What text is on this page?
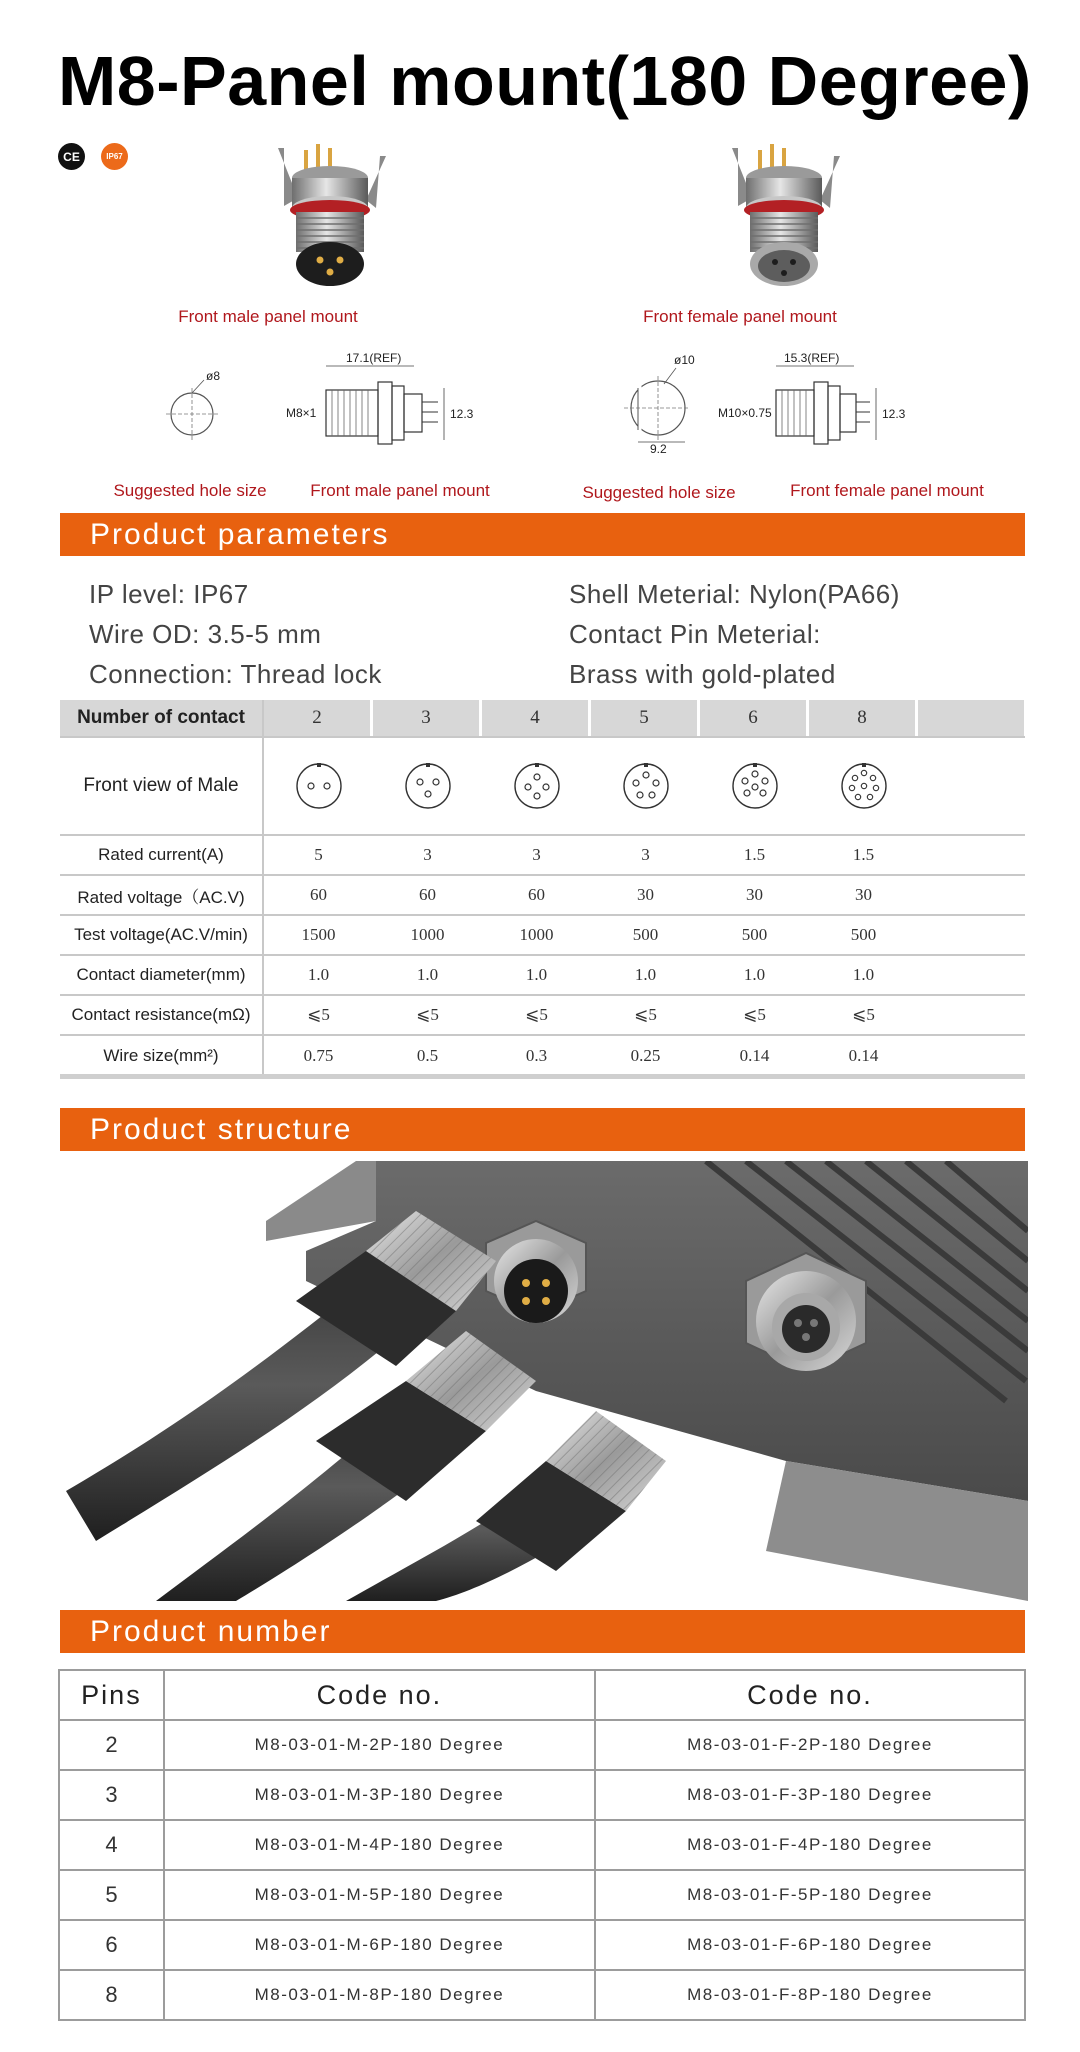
M8-Panel mount(180 Degree)
CE	IP67
Front male panel mount	Front female panel mount
ø8
17.1(REF)
M8×1	12.3
ø10
9.2
15.3(REF)
M10×0.75	12.3
Suggested hole size	Front male panel mount	Suggested hole size	Front female panel mount
Product parameters
IP level: IP67
Wire OD: 3.5-5 mm
Connection: Thread lock
Shell Meterial: Nylon(PA66)
Contact Pin Meterial:
Brass with gold-plated
Number of contact	2	3	4	5	6	8
Front view of Male
Rated current(A)	5	3	3	3	1.5	1.5
Rated voltage（AC.V)	60	60	60	30	30	30
Test voltage(AC.V/min)	1500	1000	1000	500	500	500
Contact diameter(mm)	1.0	1.0	1.0	1.0	1.0	1.0
Contact resistance(mΩ)	⩽5	⩽5	⩽5	⩽5	⩽5	⩽5
Wire size(mm²)	0.75	0.5	0.3	0.25	0.14	0.14
Product structure
Product number
Pins	Code no.	Code no.
2	M8-03-01-M-2P-180 Degree	M8-03-01-F-2P-180 Degree
3	M8-03-01-M-3P-180 Degree	M8-03-01-F-3P-180 Degree
4	M8-03-01-M-4P-180 Degree	M8-03-01-F-4P-180 Degree
5	M8-03-01-M-5P-180 Degree	M8-03-01-F-5P-180 Degree
6	M8-03-01-M-6P-180 Degree	M8-03-01-F-6P-180 Degree
8	M8-03-01-M-8P-180 Degree	M8-03-01-F-8P-180 Degree
